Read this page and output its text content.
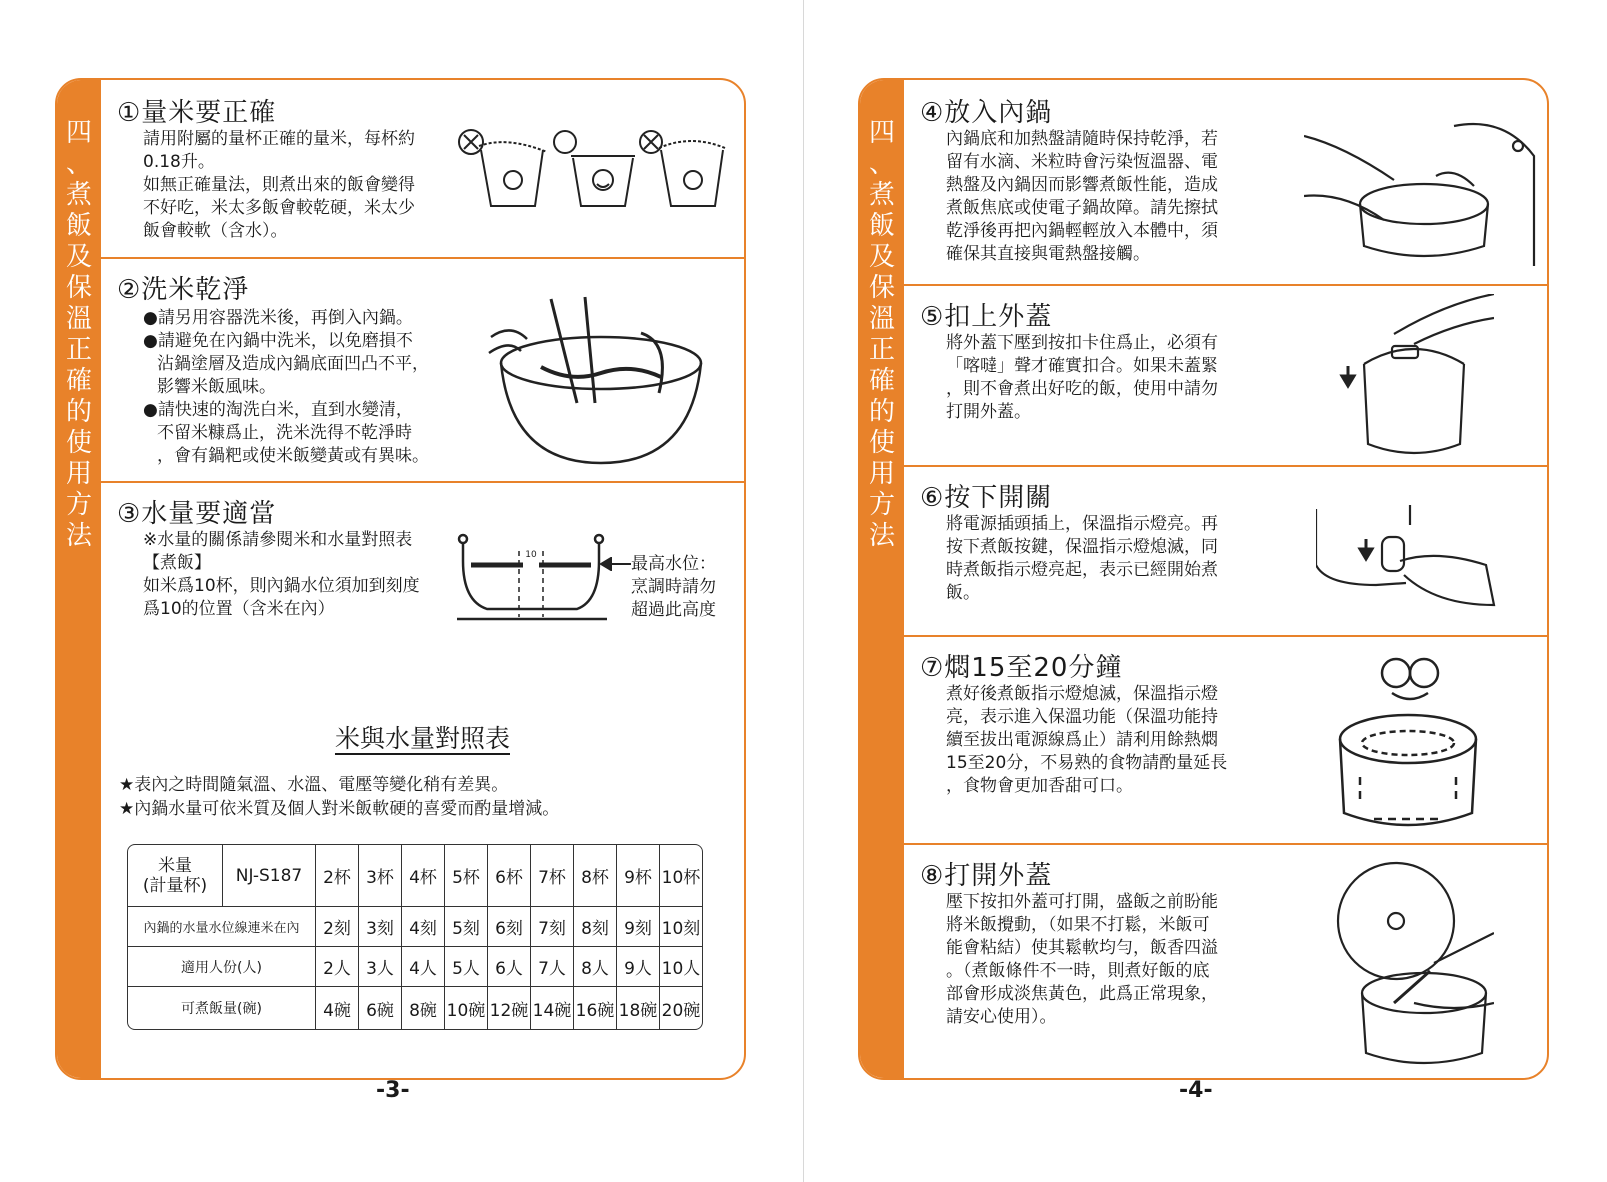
四
、
煮
飯
及
保
溫
正
確
的
使
用
方
法
①量米要正確

請用附屬的量杯正確的量米，每杯約

0.18升。

如無正確量法，則煮出來的飯會變得

不好吃，米太多飯會較乾硬，米太少

飯會較軟（含水）。

②洗米乾淨

●請另用容器洗米後，再倒入內鍋。

●請避免在內鍋中洗米，以免磨損不

沾鍋塗層及造成內鍋底面凹凸不平，

影響米飯風味。

●請快速的淘洗白米，直到水變清，

不留米糠爲止，洗米洗得不乾淨時

，會有鍋粑或使米飯變黃或有異味。

③水量要適當

※水量的關係請參閱米和水量對照表

【煮飯】

如米爲10杯，則內鍋水位須加到刻度

爲10的位置（含米在內）

10	最高水位：

烹調時請勿

超過此高度

米與水量對照表

★表內之時間隨氣溫、水溫、電壓等變化稍有差異。

★內鍋水量可依米質及個人對米飯軟硬的喜愛而酌量增減。

米量
(計量杯)	NJ-S187	2杯	3杯	4杯	5杯	6杯	7杯	8杯	9杯	10杯
內鍋的水量水位線連米在內		2刻	3刻	4刻	5刻	6刻	7刻	8刻	9刻	10刻
適用人份(人)		2人	3人	4人	5人	6人	7人	8人	9人	10人
可煮飯量(碗)		4碗	6碗	8碗	10碗	12碗	14碗	16碗	18碗	20碗
四
、
煮
飯
及
保
溫
正
確
的
使
用
方
法
④放入內鍋

內鍋底和加熱盤請隨時保持乾淨，若

留有水滴、米粒時會污染恆溫器、電

熱盤及內鍋因而影響煮飯性能，造成

煮飯焦底或使電子鍋故障。請先擦拭

乾淨後再把內鍋輕輕放入本體中，須

確保其直接與電熱盤接觸。

⑤扣上外蓋

將外蓋下壓到按扣卡住爲止，必須有

「喀噠」聲才確實扣合。如果未蓋緊

，則不會煮出好吃的飯，使用中請勿

打開外蓋。

⑥按下開關

將電源插頭插上，保溫指示燈亮。再

按下煮飯按鍵，保溫指示燈熄滅，同

時煮飯指示燈亮起，表示已經開始煮

飯。

⑦燜15至20分鐘

煮好後煮飯指示燈熄滅，保溫指示燈

亮，表示進入保溫功能（保溫功能持

續至拔出電源線爲止）請利用餘熱燜

15至20分，不易熟的食物請酌量延長

，食物會更加香甜可口。

⑧打開外蓋

壓下按扣外蓋可打開，盛飯之前盼能

將米飯攪動，（如果不打鬆，米飯可

能會粘結）使其鬆軟均勻，飯香四溢

。（煮飯條件不一時，則煮好飯的底

部會形成淡焦黃色，此爲正常現象，

請安心使用）。

-3-	-4-
